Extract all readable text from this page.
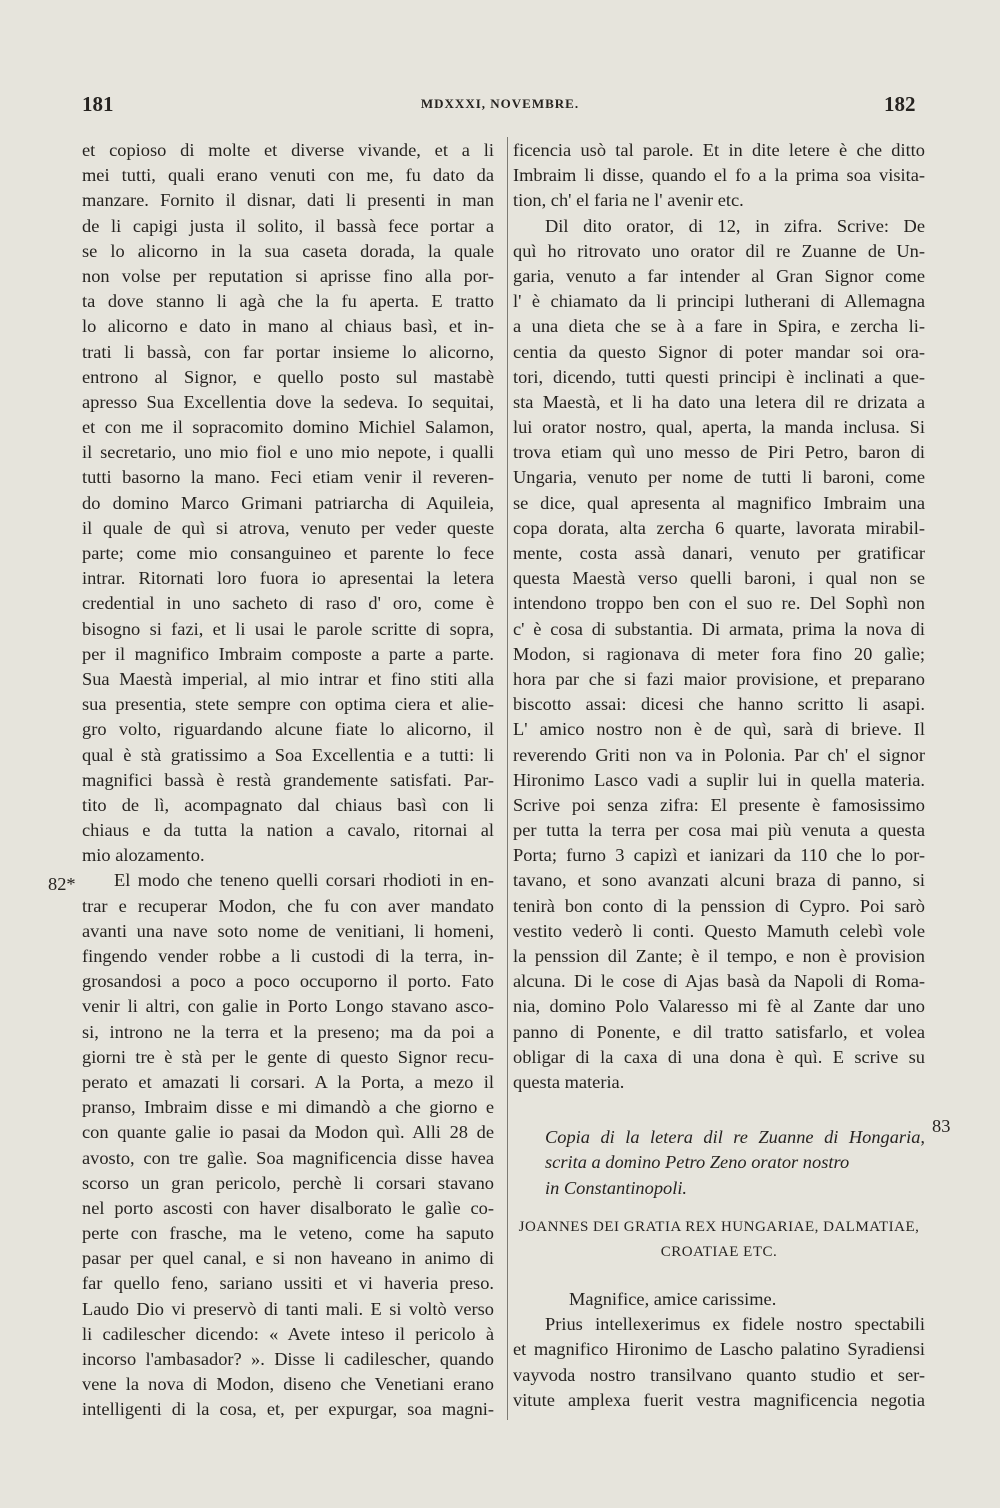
181	MDXXXI, NOVEMBRE.	182
82*
83
et copioso di molte et diverse vivande, et a li
mei tutti, quali erano venuti con me, fu dato da
manzare. Fornito il disnar, dati li presenti in man
de li capigi justa il solito, il bassà fece portar a
se lo alicorno in la sua caseta dorada, la quale
non volse per reputation si aprisse fino alla por-
ta dove stanno li agà che la fu aperta. E tratto
lo alicorno e dato in mano al chiaus basì, et in-
trati li bassà, con far portar insieme lo alicorno,
entrono al Signor, e quello posto sul mastabè
apresso Sua Excellentia dove la sedeva. Io sequitai,
et con me il sopracomito domino Michiel Salamon,
il secretario, uno mio fiol e uno mio nepote, i qualli
tutti basorno la mano. Feci etiam venir il reveren-
do domino Marco Grimani patriarcha di Aquileia,
il quale de quì si atrova, venuto per veder queste
parte; come mio consanguineo et parente lo fece
intrar. Ritornati loro fuora io apresentai la letera
credential in uno sacheto di raso d' oro, come è
bisogno si fazi, et li usai le parole scritte di sopra,
per il magnifico Imbraim composte a parte a parte.
Sua Maestà imperial, al mio intrar et fino stiti alla
sua presentia, stete sempre con optima ciera et alie-
gro volto, riguardando alcune fiate lo alicorno, il
qual è stà gratissimo a Soa Excellentia e a tutti: li
magnifici bassà è restà grandemente satisfati. Par-
tito de lì, acompagnato dal chiaus basì con li
chiaus e da tutta la nation a cavalo, ritornai al
mio alozamento.
El modo che teneno quelli corsari rhodioti in en-
trar e recuperar Modon, che fu con aver mandato
avanti una nave soto nome de venitiani, li homeni,
fingendo vender robbe a li custodi di la terra, in-
grosandosi a poco a poco occuporno il porto. Fato
venir li altri, con galie in Porto Longo stavano asco-
si, introno ne la terra et la preseno; ma da poi a
giorni tre è stà per le gente di questo Signor recu-
perato et amazati li corsari. A la Porta, a mezo il
pranso, Imbraim disse e mi dimandò a che giorno e
con quante galie io pasai da Modon quì. Alli 28 de
avosto, con tre galìe. Soa magnificencia disse havea
scorso un gran pericolo, perchè li corsari stavano
nel porto ascosti con haver disalborato le galìe co-
perte con frasche, ma le veteno, come ha saputo
pasar per quel canal, e si non haveano in animo di
far quello feno, sariano ussiti et vi haveria preso.
Laudo Dio vi preservò di tanti mali. E si voltò verso
li cadilescher dicendo: « Avete inteso il pericolo à
incorso l'ambasador? ». Disse li cadilescher, quando
vene la nova di Modon, diseno che Venetiani erano
intelligenti di la cosa, et, per expurgar, soa magni-
ficencia usò tal parole. Et in dite letere è che ditto
Imbraim li disse, quando el fo a la prima soa visita-
tion, ch' el faria ne l' avenir etc.
Dil dito orator, di 12, in zifra. Scrive: De
quì ho ritrovato uno orator dil re Zuanne de Un-
garia, venuto a far intender al Gran Signor come
l' è chiamato da li principi lutherani di Allemagna
a una dieta che se à a fare in Spira, e zercha li-
centia da questo Signor di poter mandar soi ora-
tori, dicendo, tutti questi principi è inclinati a que-
sta Maestà, et li ha dato una letera dil re drizata a
lui orator nostro, qual, aperta, la manda inclusa. Si
trova etiam quì uno messo de Piri Petro, baron di
Ungaria, venuto per nome de tutti li baroni, come
se dice, qual apresenta al magnifico Imbraim una
copa dorata, alta zercha 6 quarte, lavorata mirabil-
mente, costa assà danari, venuto per gratificar
questa Maestà verso quelli baroni, i qual non se
intendono troppo ben con el suo re. Del Sophì non
c' è cosa di substantia. Di armata, prima la nova di
Modon, si ragionava di meter fora fino 20 galìe;
hora par che si fazi maior provisione, et preparano
biscotto assai: dicesi che hanno scritto li asapi.
L' amico nostro non è de quì, sarà di brieve. Il
reverendo Griti non va in Polonia. Par ch' el signor
Hironimo Lasco vadi a suplir lui in quella materia.
Scrive poi senza zifra: El presente è famosissimo
per tutta la terra per cosa mai più venuta a questa
Porta; furno 3 capizì et ianizari da 110 che lo por-
tavano, et sono avanzati alcuni braza di panno, si
tenirà bon conto di la penssion di Cypro. Poi sarò
vestito vederò li conti. Questo Mamuth celebì vole
la penssion dil Zante; è il tempo, e non è provision
alcuna. Di le cose di Ajas basà da Napoli di Roma-
nia, domino Polo Valaresso mi fè al Zante dar uno
panno di Ponente, e dil tratto satisfarlo, et volea
obligar di la caxa di una dona è quì. E scrive su
questa materia.
Copia di la letera dil re Zuanne di Hongaria,
scrita a domino Petro Zeno orator nostro
in Constantinopoli.
JOANNES DEI GRATIA REX HUNGARIAE, DALMATIAE,
CROATIAE ETC.
Magnifice, amice carissime.
Prius intellexerimus ex fidele nostro spectabili
et magnifico Hironimo de Lascho palatino Syradiensi
vayvoda nostro transilvano quanto studio et ser-
vitute amplexa fuerit vestra magnificencia negotia
